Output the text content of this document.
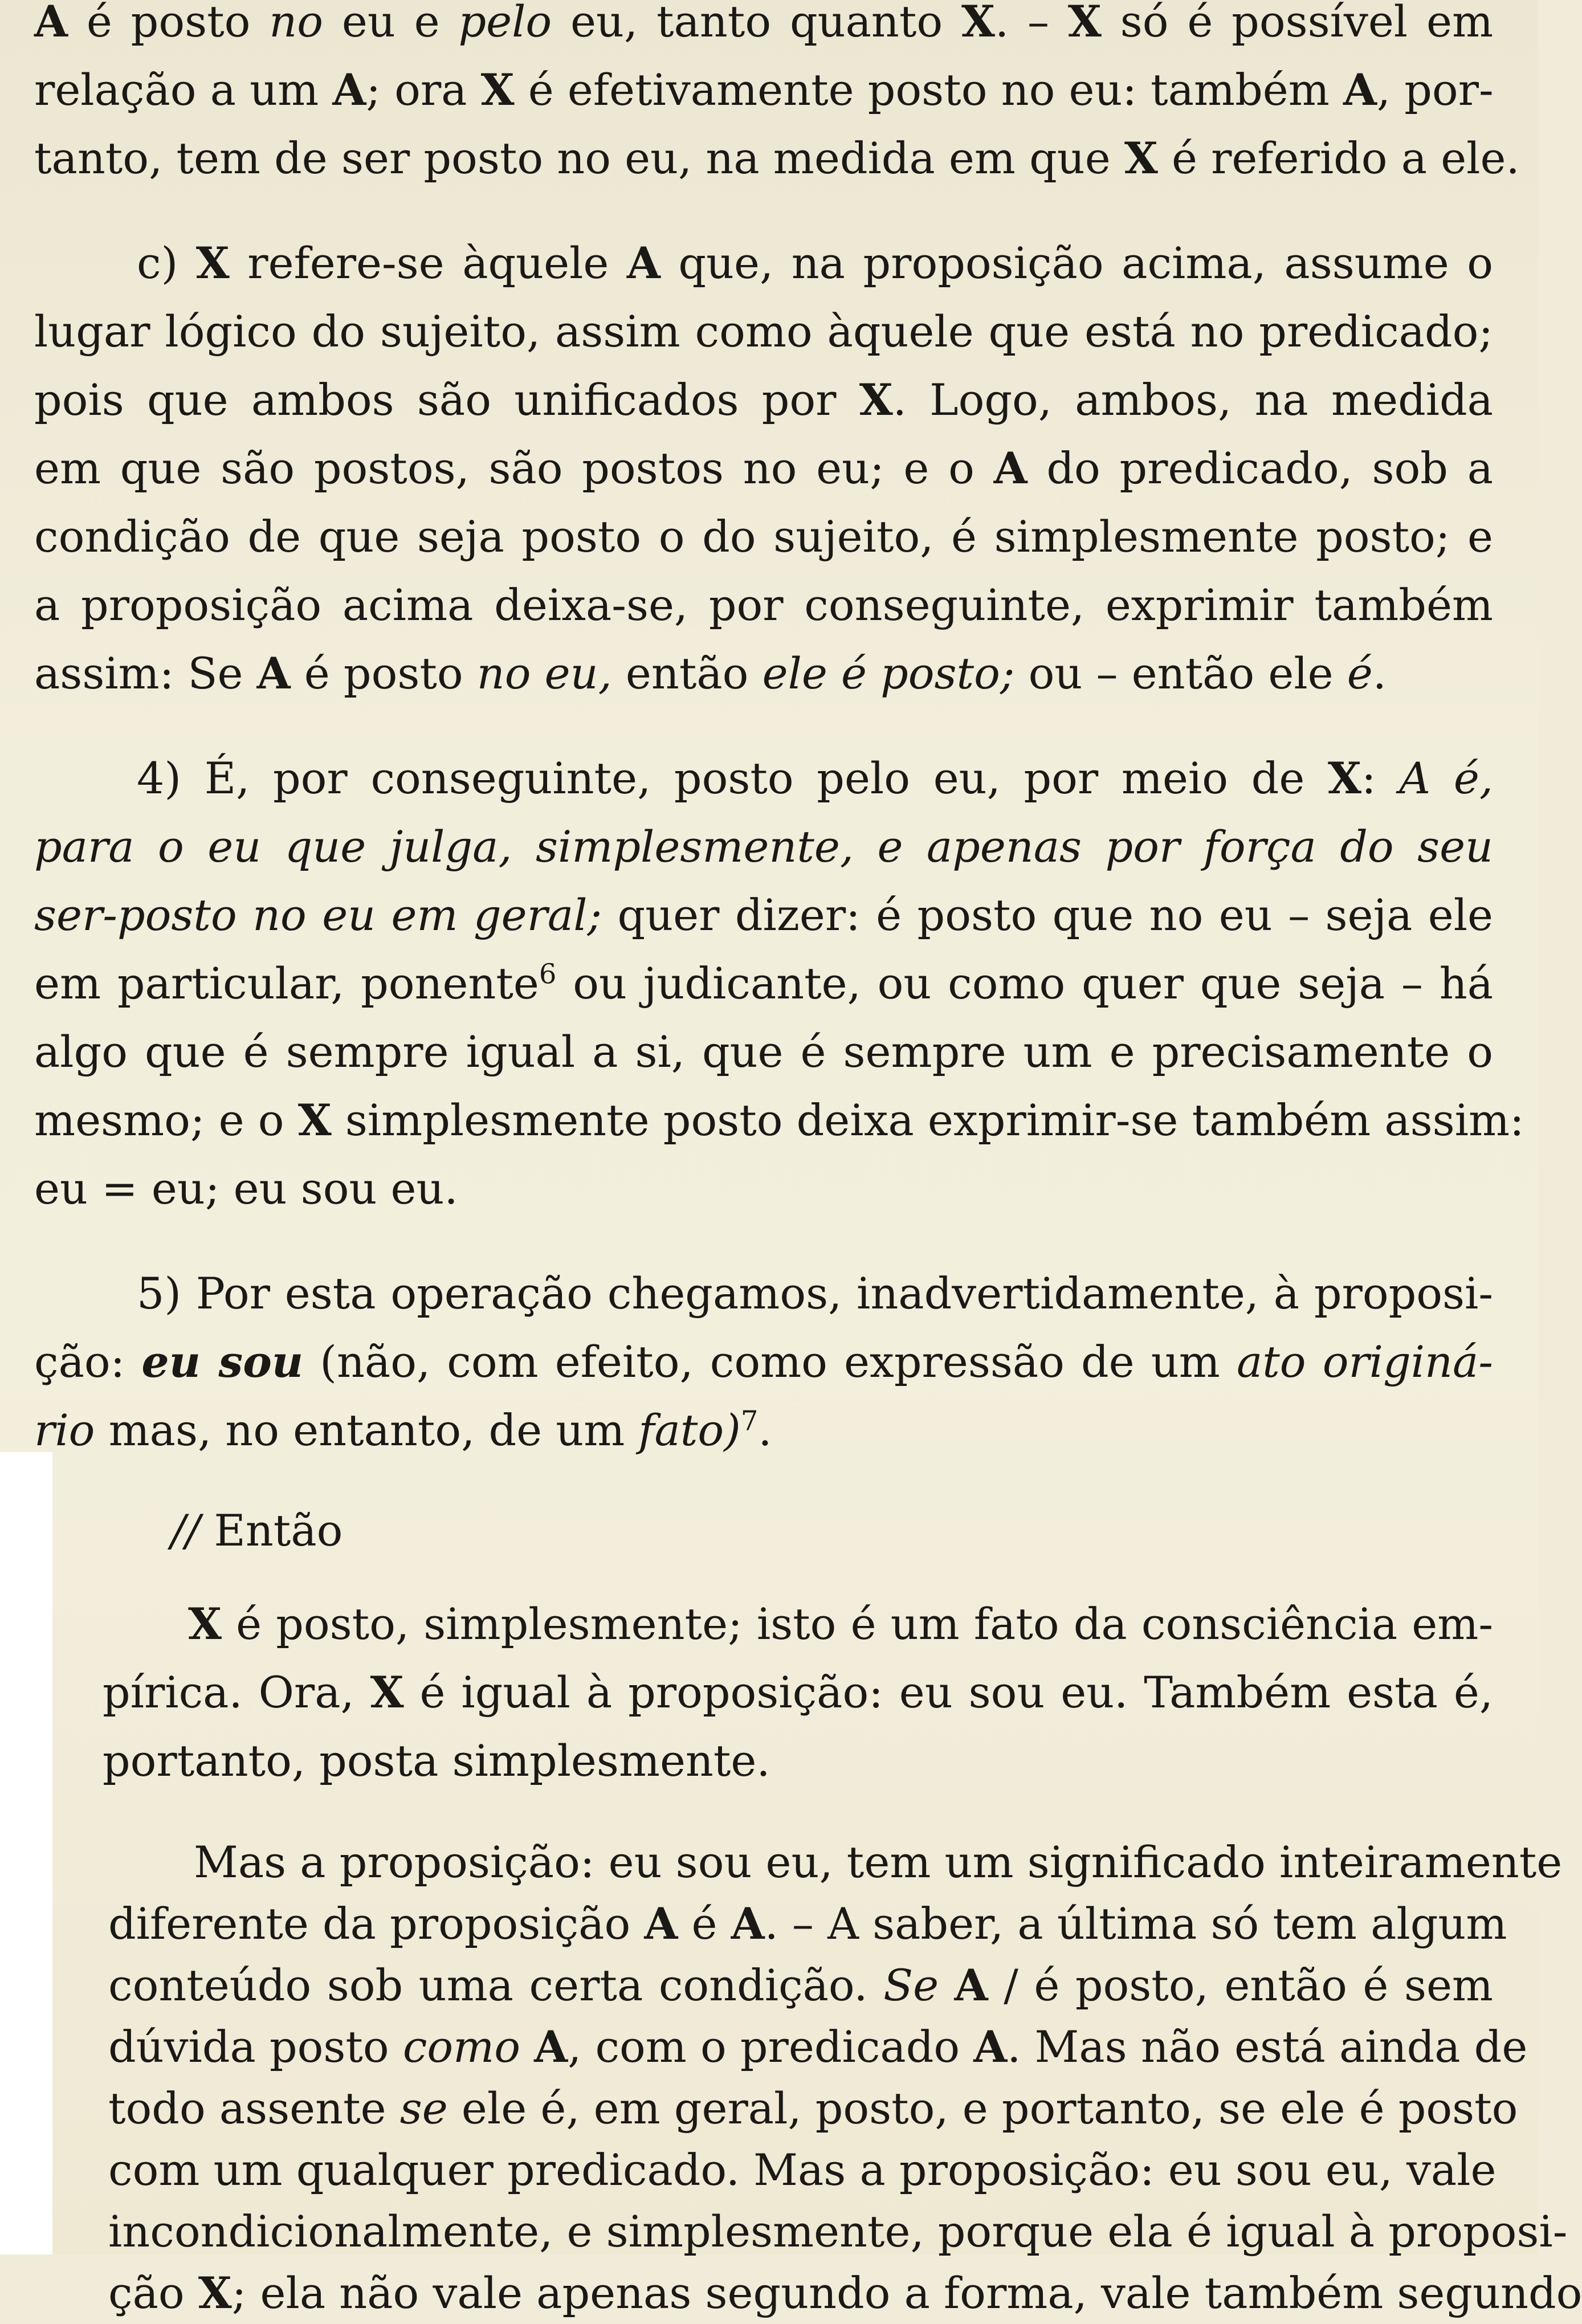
A é posto no eu e pelo eu, tanto quanto X. – X só é possível em
relação a um A; ora X é efetivamente posto no eu: também A, por-
tanto, tem de ser posto no eu, na medida em que X é referido a ele.
c) X refere-se àquele A que, na proposição acima, assume o
lugar lógico do sujeito, assim como àquele que está no predicado;
pois que ambos são unificados por X. Logo, ambos, na medida
em que são postos, são postos no eu; e o A do predicado, sob a
condição de que seja posto o do sujeito, é simplesmente posto; e
a proposição acima deixa-se, por conseguinte, exprimir também
assim: Se A é posto no eu, então ele é posto; ou – então ele é.
4) É, por conseguinte, posto pelo eu, por meio de X: A é,
para o eu que julga, simplesmente, e apenas por força do seu
ser-posto no eu em geral; quer dizer: é posto que no eu – seja ele
em particular, ponente$^6$ ou judicante, ou como quer que seja – há
algo que é sempre igual a si, que é sempre um e precisamente o
mesmo; e o X simplesmente posto deixa exprimir-se também assim:
eu = eu; eu sou eu.
5) Por esta operação chegamos, inadvertidamente, à proposi-
ção: eu sou (não, com efeito, como expressão de um ato originá-
rio mas, no entanto, de um fato)$^7$.
// Então
X é posto, simplesmente; isto é um fato da consciência em-
pírica. Ora, X é igual à proposição: eu sou eu. Também esta é,
portanto, posta simplesmente.
Mas a proposição: eu sou eu, tem um significado inteiramente
diferente da proposição A é A. – A saber, a última só tem algum
conteúdo sob uma certa condição. Se A / é posto, então é sem
dúvida posto como A, com o predicado A. Mas não está ainda de
todo assente se ele é, em geral, posto, e portanto, se ele é posto
com um qualquer predicado. Mas a proposição: eu sou eu, vale
incondicionalmente, e simplesmente, porque ela é igual à proposi-
ção X; ela não vale apenas segundo a forma, vale também segundo
